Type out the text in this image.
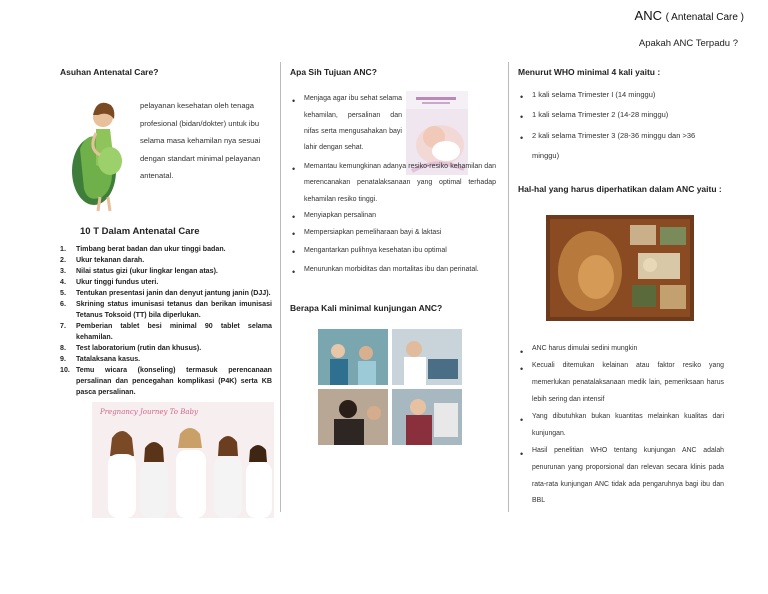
ANC ( Antenatal Care )
Apakah ANC Terpadu ?
Asuhan Antenatal Care?
pelayanan kesehatan oleh tenaga profesional (bidan/dokter) untuk ibu selama masa kehamilan nya sesuai dengan standart minimal pelayanan antenatal.
10 T Dalam Antenatal Care
1. Timbang berat badan dan ukur tinggi badan.
2. Ukur tekanan darah.
3. Nilai status gizi (ukur lingkar lengan atas).
4. Ukur tinggi fundus uteri.
5. Tentukan presentasi janin dan denyut jantung janin (DJJ).
6. Skrining status imunisasi tetanus dan berikan imunisasi Tetanus Toksoid (TT) bila diperlukan.
7. Pemberian tablet besi minimal 90 tablet selama kehamilan.
8. Test laboratorium (rutin dan khusus).
9. Tatalaksana kasus.
10. Temu wicara (konseling) termasuk perencanaan persalinan dan pencegahan komplikasi (P4K) serta KB pasca persalinan.
Pregnancy Journey To Baby
Apa Sih Tujuan ANC?
• Menjaga agar ibu sehat selama kehamilan, persalinan dan nifas serta mengusahakan bayi lahir dengan sehat.
• Memantau kemungkinan adanya resiko-resiko kehamilan dan merencanakan penatalaksanaan yang optimal terhadap kehamilan resiko tinggi.
• Menyiapkan persalinan
• Mempersiapkan pemeliharaan bayi & laktasi
• Mengantarkan pulihnya kesehatan ibu optimal
• Menurunkan morbiditas dan mortalitas ibu dan perinatal.
Berapa Kali minimal kunjungan ANC?
Menurut WHO minimal 4 kali yaitu :
• 1 kali selama Trimester I (14 minggu)
• 1 kali selama Trimester 2 (14-28 minggu)
• 2 kali selama Trimester 3 (28-36 minggu dan >36 minggu)
Hal-hal yang harus diperhatikan dalam ANC yaitu :
• ANC harus dimulai sedini mungkin
• Kecuali ditemukan kelainan atau faktor resiko yang memerlukan penatalaksanaan medik lain, pemeriksaan harus lebih sering dan intensif
• Yang dibutuhkan bukan kuantitas melainkan kualitas dari kunjungan.
• Hasil penelitian WHO tentang kunjungan ANC adalah penurunan yang proporsional dan relevan secara klinis pada rata-rata kunjungan ANC tidak ada pengaruhnya bagi ibu dan BBL
